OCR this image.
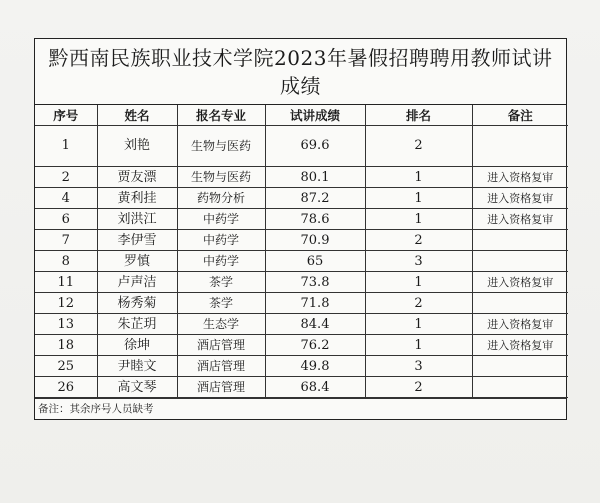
黔西南民族职业技术学院2023年暑假招聘聘用教师试讲成绩
序号	姓名	报名专业	试讲成绩	排名	备注
1	刘艳	生物与医药	69.6	2	
2	贾友漂	生物与医药	80.1	1	进入资格复审
4	黄利挂	药物分析	87.2	1	进入资格复审
6	刘洪江	中药学	78.6	1	进入资格复审
7	李伊雪	中药学	70.9	2	
8	罗慎	中药学	65	3	
11	卢声洁	茶学	73.8	1	进入资格复审
12	杨秀菊	茶学	71.8	2	
13	朱芷玥	生态学	84.4	1	进入资格复审
18	徐坤	酒店管理	76.2	1	进入资格复审
25	尹睦文	酒店管理	49.8	3	
26	高文琴	酒店管理	68.4	2	
备注：其余序号人员缺考
